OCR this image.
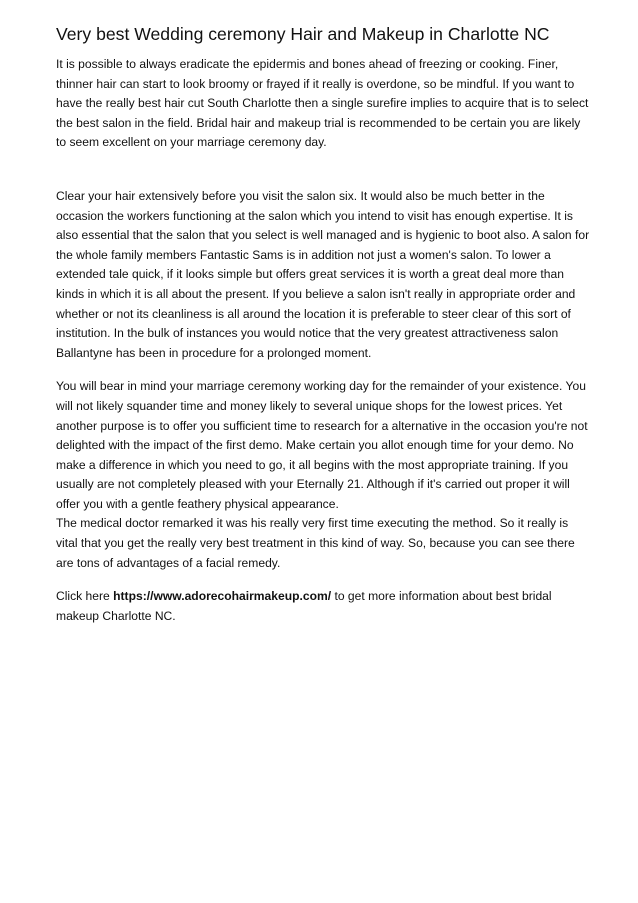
Very best Wedding ceremony Hair and Makeup in Charlotte NC

It is possible to always eradicate the epidermis and bones ahead of freezing or cooking. Finer, thinner hair can start to look broomy or frayed if it really is overdone, so be mindful. If you want to have the really best hair cut South Charlotte then a single surefire implies to acquire that is to select the best salon in the field. Bridal hair and makeup trial is recommended to be certain you are likely to seem excellent on your marriage ceremony day.

Clear your hair extensively before you visit the salon six. It would also be much better in the occasion the workers functioning at the salon which you intend to visit has enough expertise. It is also essential that the salon that you select is well managed and is hygienic to boot also. A salon for the whole family members Fantastic Sams is in addition not just a women's salon. To lower a extended tale quick, if it looks simple but offers great services it is worth a great deal more than kinds in which it is all about the present. If you believe a salon isn't really in appropriate order and whether or not its cleanliness is all around the location it is preferable to steer clear of this sort of institution. In the bulk of instances you would notice that the very greatest attractiveness salon Ballantyne has been in procedure for a prolonged moment.

You will bear in mind your marriage ceremony working day for the remainder of your existence. You will not likely squander time and money likely to several unique shops for the lowest prices. Yet another purpose is to offer you sufficient time to research for a alternative in the occasion you're not delighted with the impact of the first demo. Make certain you allot enough time for your demo. No make a difference in which you need to go, it all begins with the most appropriate training. If you usually are not completely pleased with your Eternally 21. Although if it's carried out proper it will offer you with a gentle feathery physical appearance.

The medical doctor remarked it was his really very first time executing the method. So it really is vital that you get the really very best treatment in this kind of way. So, because you can see there are tons of advantages of a facial remedy.

Click here https://www.adorecohairmakeup.com/ to get more information about best bridal makeup Charlotte NC.
